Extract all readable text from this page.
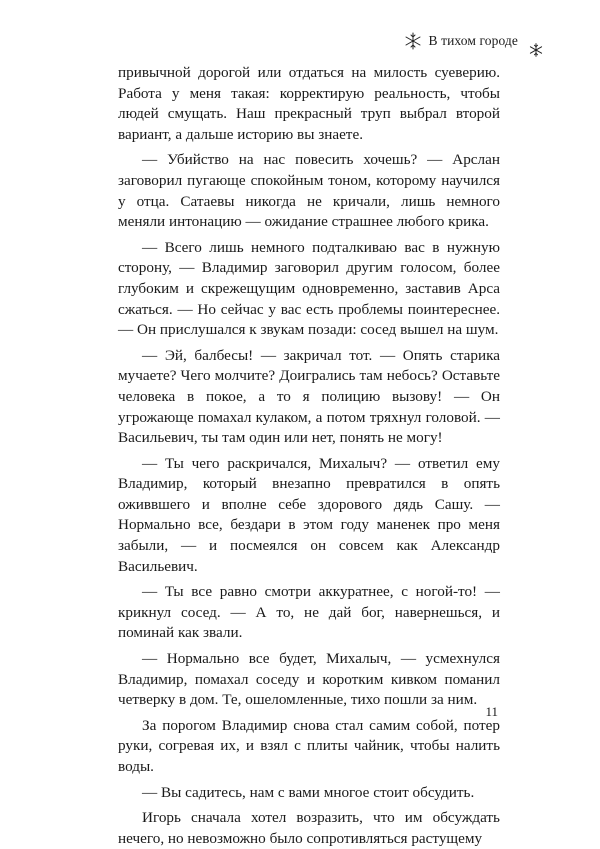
В тихом городе

привычной дорогой или отдаться на милость суеверию. Работа у меня такая: корректирую реальность, чтобы людей смущать. Наш прекрасный труп выбрал второй вариант, а дальше историю вы знаете.

— Убийство на нас повесить хочешь? — Арслан заговорил пугающе спокойным тоном, которому научился у отца. Сатаевы никогда не кричали, лишь немного меняли интонацию — ожидание страшнее любого крика.

— Всего лишь немного подталкиваю вас в нужную сторону, — Владимир заговорил другим голосом, более глубоким и скрежещущим одновременно, заставив Арса сжаться. — Но сейчас у вас есть проблемы поинтереснее. — Он прислушался к звукам позади: сосед вышел на шум.

— Эй, балбесы! — закричал тот. — Опять старика мучаете? Чего молчите? Доигрались там небось? Оставьте человека в покое, а то я полицию вызову! — Он угрожающе помахал кулаком, а потом тряхнул головой. — Васильевич, ты там один или нет, понять не могу!

— Ты чего раскричался, Михалыч? — ответил ему Владимир, который внезапно превратился в опять оживвшего и вполне себе здорового дядь Сашу. — Нормально все, бездари в этом году маненек про меня забыли, — и посмеялся он совсем как Александр Васильевич.

— Ты все равно смотри аккуратнее, с ногой-то! — крикнул сосед. — А то, не дай бог, навернешься, и поминай как звали.

— Нормально все будет, Михалыч, — усмехнулся Владимир, помахал соседу и коротким кивком поманил четверку в дом. Те, ошеломленные, тихо пошли за ним.

За порогом Владимир снова стал самим собой, потер руки, согревая их, и взял с плиты чайник, чтобы налить воды.

— Вы садитесь, нам с вами многое стоит обсудить.

Игорь сначала хотел возразить, что им обсуждать нечего, но невозможно было сопротивляться растущему

11
